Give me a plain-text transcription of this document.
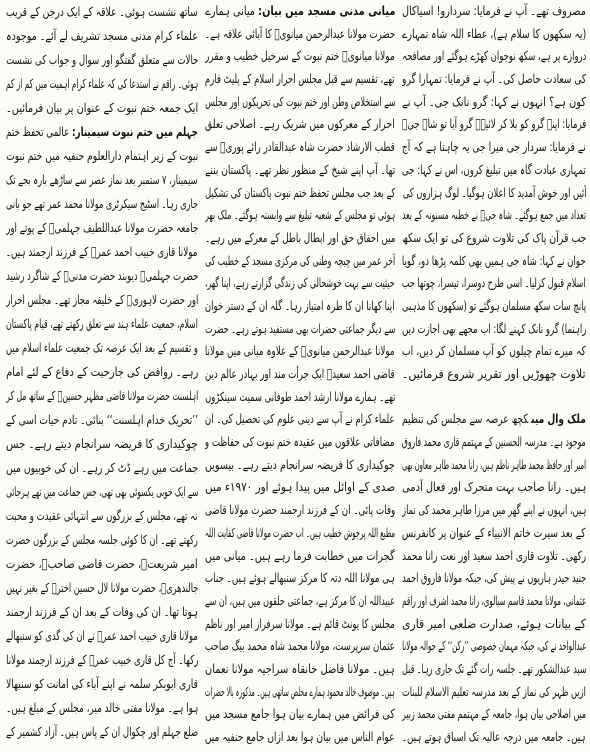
مصروف تھے۔ آپ نے فرمایا: سردارو! اسیاکال
(یہ سکھوں کا سلام ہے)، عطاء اللہ شاہ تمہارے
دروازے پر ہے، سکھ نوجوان کھڑے ہوگئے اور مصافحہ
کی سعادت حاصل کی۔ آپ نے فرمایا: تمہارا گرو
کون ہے؟ انہوں نے کہا: گرو نانک جی۔ آپ نے
فرمایا: اپنے گرو کو بلا کر لائیے۔ گرو آیا تو شاہ جیؒ
نے فرمایا: سردار جی میرا جی یہ چاہتا ہے کہ آج
تمہاری عبادت گاہ میں تبلیغ کروں، اس نے کہا: جی
آئیں اور خوش آمدید کا اعلان ہوگیا۔ لوگ ہزاروں کی
تعداد میں جمع ہوگئے۔ شاہ جیؒ نے خطبہ مسنونہ کے بعد
جب قرآن پاک کی تلاوت شروع کی تو ایک سکھ
جوان نے کہا: شاہ جی ہمیں بھی کلمہ پڑھا دو، گویا
اسلام قبول کرلیا۔ اسی طرح دوسرا، تیسرا، چوتھا جب
پانچ سات سکھ مسلمان ہوگئے تو (سکھوں کا مذہبی
راہنما) گرو نانک کہنے لگا: اب مجھے بھی اجازت دیں
کہ میرے تمام چیلوں کو آپ مسلمان کر دیں، اب
تلاوت چھوڑیں اور تقریر شروع فرمائیں۔
ملک وال میںکچھ عرصہ سے مجلس کی تنظیم
موجود ہے۔ مدرسہ الحسنین کے مہتمم قاری محمد فاروق
امیر اور حافظ محمد طاہر ناظم ہیں، رانا محمد طاہر معاون بھی
ہیں۔ رانا صاحب بہت متحرک اور فعال آدمی
ہیں، انہوں نے اپنے گھر میں مرزا طاہر محمد کی نماز
کے بعد سیرت خاتم الانبیاء کے عنوان پر کانفرنس
رکھی۔ تلاوت قاری احمد سعید اور نعت رانا محمد
جنید حیدر ہاریوں نے پیش کی، جبکہ مولانا فاروق احمد
عثمانی، مولانا محمد قاسم سیالوی، رانا محمد اشرف اور راقم
کے بیانات ہوئے، صدارت ضلعی امیر قاری
عبدالواحد نے کی، جبکہ مہمان خصوصی ’’رکن‘‘ کے حوالہ مولانا
سید عبدالشکور تھے۔ جلسہ رات گئے تک جاری رہا۔ قبل
ازیں ظہر کی نماز کے بعد مدرسہ تعلیم الاسلام للبنات
میں اصلاحی بیان ہوا، جامعہ کے مہتمم مفتی محمد زبیر
ہیں۔ جامعہ میں درجہ عالیہ تک اسباق ہوتے ہیں۔
میانی مدنی مسجد میں بیان:میانی ہمارے
حضرت مولانا عبدالرحمن میانویؒ کا آبائی علاقہ ہے۔
مولانا میانویؒ ختم نبوت کے سرخیل خطیب و مقرر
تھے، تقسیم سے قبل مجلس احرار اسلام کے پلیٹ فارم
سے استخلاص وطن اور ختم نبوت کی تحریکوں اور مجلس
احرار کے معرکوں میں شریک رہے۔ اصلاحی تعلق
قطب الارشاد حضرت شاہ عبدالقادر رائے پوریؒ سے
تھا۔ آپ اپنے شیخ کے منظور نظر تھے۔ پاکستان بننے
کے بعد جب مجلس تحفظ ختم نبوت پاکستان کی تشکیل
ہوئی تو مجلس کے شعبہ تبلیغ سے وابستہ ہوگئے۔ ملک بھر
میں احقاق حق اور ابطال باطل کے معرکے میں رہے۔
آخر عمر میں چیچہ وطنی کی مرکزی مسجد کے خطیب کی
حیثیت سے بہت خوشحالی کی زندگی گزارتے رہے، اپنا گھر،
اپنا کھانا ان کا طرہ امتیاز رہا۔ گلہ ان کے دستر خوان
سے دیگر جماعتی حضرات بھی مستفید ہوتے رہے۔ حضرت
مولانا عبدالرحمن میانویؒ کے علاوہ میانی میں مولانا
قاضی احمد سعیدؒ ایک جرأت مند اور بہادر عالم دین
تھے۔ ہمارے مولانا ارشد احمد طوفانی سمیت سینکڑوں
علماء کرام نے آپ سے دینی علوم کی تحصیل کی۔ ان
مضافاتی علاقوں میں عقیدہ ختم نبوت کی حفاظت و
چوکیداری کا فریضہ سرانجام دیتے رہے۔ بیسویں
صدی کے اوائل میں پیدا ہوئے اور ۱۹۷۰ء میں
وفات پائی۔ ان کے فرزند ارجمند حضرت مولانا قاضی
مطیع اللہ پرجوش خطیب ہیں۔ اب حضرت مولانا قاضی کفایت اللہ
گجرات میں خطابت فرما رہے ہیں۔ میانی میں
ہی مولانا اللہ دتہ کا مرکز سنبھالے ہوئے ہیں۔ جناب
عبیداللہ ان کا مرکز ہے، جماعتی حلقوں میں ہیں، ان سے
مجلس کا یونٹ قائم ہے۔ مولانا سرفراز امیر اور ناظم
عثمان سرپرست، مولانا محمد شاہ محمد بیگ صاحب
ہیں۔ مولانا فاضل خانقاہ سراجیہ مولانا نعمان
ہیں۔ موصوف خالد محمود ہمارے مخلص ساتھی ہیں۔ مذکورہ بالا حضرات
کی فرائض میں ہمارے بیان ہوا جامع مسجد میں
عوام الناس میں بیان ہوا بعد ازاں جامع حنفیہ میں
ساتھ نشست ہوئی۔ علاقہ کے ایک درجن کے قریب
علماء کرام مدنی مسجد تشریف لے آئے۔ موجودہ
حالات سے متعلق گفتگو اور سوال و جواب کی نشست
ہوئی۔ راقم نے استدعا کی کہ علماء کرام اہمیت میں کم از کم
ایک جمعہ ختم نبوت کے عنوان پر بیان فرمائیں۔
جہلم میں ختم نبوت سیمینار:عالمی تحفظ ختم
نبوت کے زیر اہتمام دارالعلوم حنفیہ میں ختم نبوت
سیمینار، ۷ ستمبر بعد نماز عصر سے ساڑھے بارہ بجے تک
جاری رہا۔ اسٹیج سیکرٹری مولانا محمد عمر تھے جو بانی
جامعہ حضرت مولانا عبداللطیف جہلمیؒ کے پوتے اور
مولانا قاری خبیب احمد عمرؒ کے فرزند ارجمند ہیں۔
حضرت جہلمیؒ دیوبند حضرت مدنیؒ کے شاگرد رشید
اور حضرت لاہوریؒ کے خلیفہ مجاز تھے۔ مجلس احرار
اسلام، جمعیت علماء ہند سے تعلق رکھتے تھے، قیام پاکستان
و تقسیم کے بعد ایک عرصہ تک جمعیت علماء اسلام میں
رہے۔ روافض کی جارحیت کے دفاع کے لئے امام
اہلسنت حضرت مولانا قاضی مظہر حسینؒ کے ساتھ مل کر
’’تحریک خدام اہلسنت‘‘ بنائی۔ تادم حیات اسی کے
چوکیداری کا فریضہ سرانجام دیتے رہے۔ جس
جماعت میں رہے ڈٹ کر رہے۔ ان کی خوبیوں میں
سے ایک خوبی یکسوئی بھی تھی، جس جماعت میں تھے ہرجائی
نہ تھے، مجلس کے بزرگوں سے انتہائی عقیدت و محبت
رکھتے تھے۔ ان کا کوئی جلسہ مجلس کے بزرگوں حضرت
امیر شریعتؒ، حضرت قاضی صاحبؒ، حضرت
جالندھریؒ، حضرت مولانا لال حسین اخترؒ کے بغیر نہیں
ہوتا تھا۔ ان کی وفات کے بعد ان کے فرزند ارجمند
مولانا قاری خبیب احمد عمرؒ نے ان کی گدی کو سنبھالے
رکھا۔ آج کل قاری خبیب عمرؒ کے فرزند ارجمند مولانا
قاری ابوبکر سلمہ نے اپنے آباء کی امانت کو سنبھالا
ہوا ہے۔ مولانا مفتی خالد میر، مجلس کے مبلغ ہیں۔
ضلع جہلم اور چکوال ان کے پاس ہیں۔ آزاد کشمیر کے
